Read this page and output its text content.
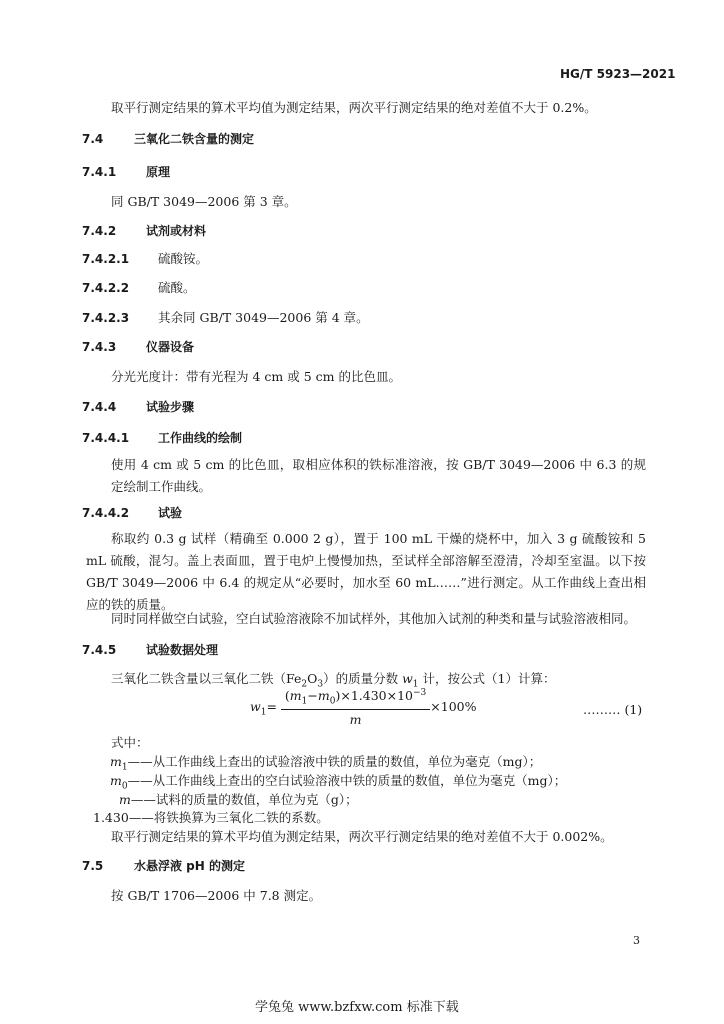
HG/T 5923—2021
取平行测定结果的算术平均值为测定结果，两次平行测定结果的绝对差值不大于 0.2%。
7.4	三氧化二铁含量的测定
7.4.1 原理
同 GB/T 3049—2006 第 3 章。
7.4.2 试剂或材料
7.4.2.1 硫酸铵。
7.4.2.2 硫酸。
7.4.2.3 其余同 GB/T 3049—2006 第 4 章。
7.4.3 仪器设备
分光光度计：带有光程为 4 cm 或 5 cm 的比色皿。
7.4.4 试验步骤
7.4.4.1 工作曲线的绘制
使用 4 cm 或 5 cm 的比色皿，取相应体积的铁标准溶液，按 GB/T 3049—2006 中 6.3 的规定绘制工作曲线。
7.4.4.2 试验
称取约 0.3 g 试样（精确至 0.000 2 g），置于 100 mL 干燥的烧杯中，加入 3 g 硫酸铵和 5 mL 硫酸，混匀。盖上表面皿，置于电炉上慢慢加热，至试样全部溶解至澄清，冷却至室温。以下按 GB/T 3049—2006 中 6.4 的规定从“必要时，加水至 60 mL……”进行测定。从工作曲线上查出相应的铁的质量。
同时同样做空白试验，空白试验溶液除不加试样外，其他加入试剂的种类和量与试验溶液相同。
7.4.5 试验数据处理
三氧化二铁含量以三氧化二铁$(Fe_2O_3)$的质量分数 $w_1$ 计，按公式（1）计算：
$w_1= \frac{(m_1-m_0)\times 1.430\times 10^{-3}}{m} \times 100\%$	……… (1)
式中：
$m_1——$从工作曲线上查出的试验溶液中铁的质量的数值，单位为毫克（mg）；
$m_0——$从工作曲线上查出的空白试验溶液中铁的质量的数值，单位为毫克（mg）；
m——试料的质量的数值，单位为克（g）；
1.430——将铁换算为三氧化二铁的系数。
取平行测定结果的算术平均值为测定结果，两次平行测定结果的绝对差值不大于 0.002%。
7.5	水悬浮液 pH 的测定
按 GB/T 1706—2006 中 7.8 测定。
3
学兔兔 www.bzfxw.com 标准下载
